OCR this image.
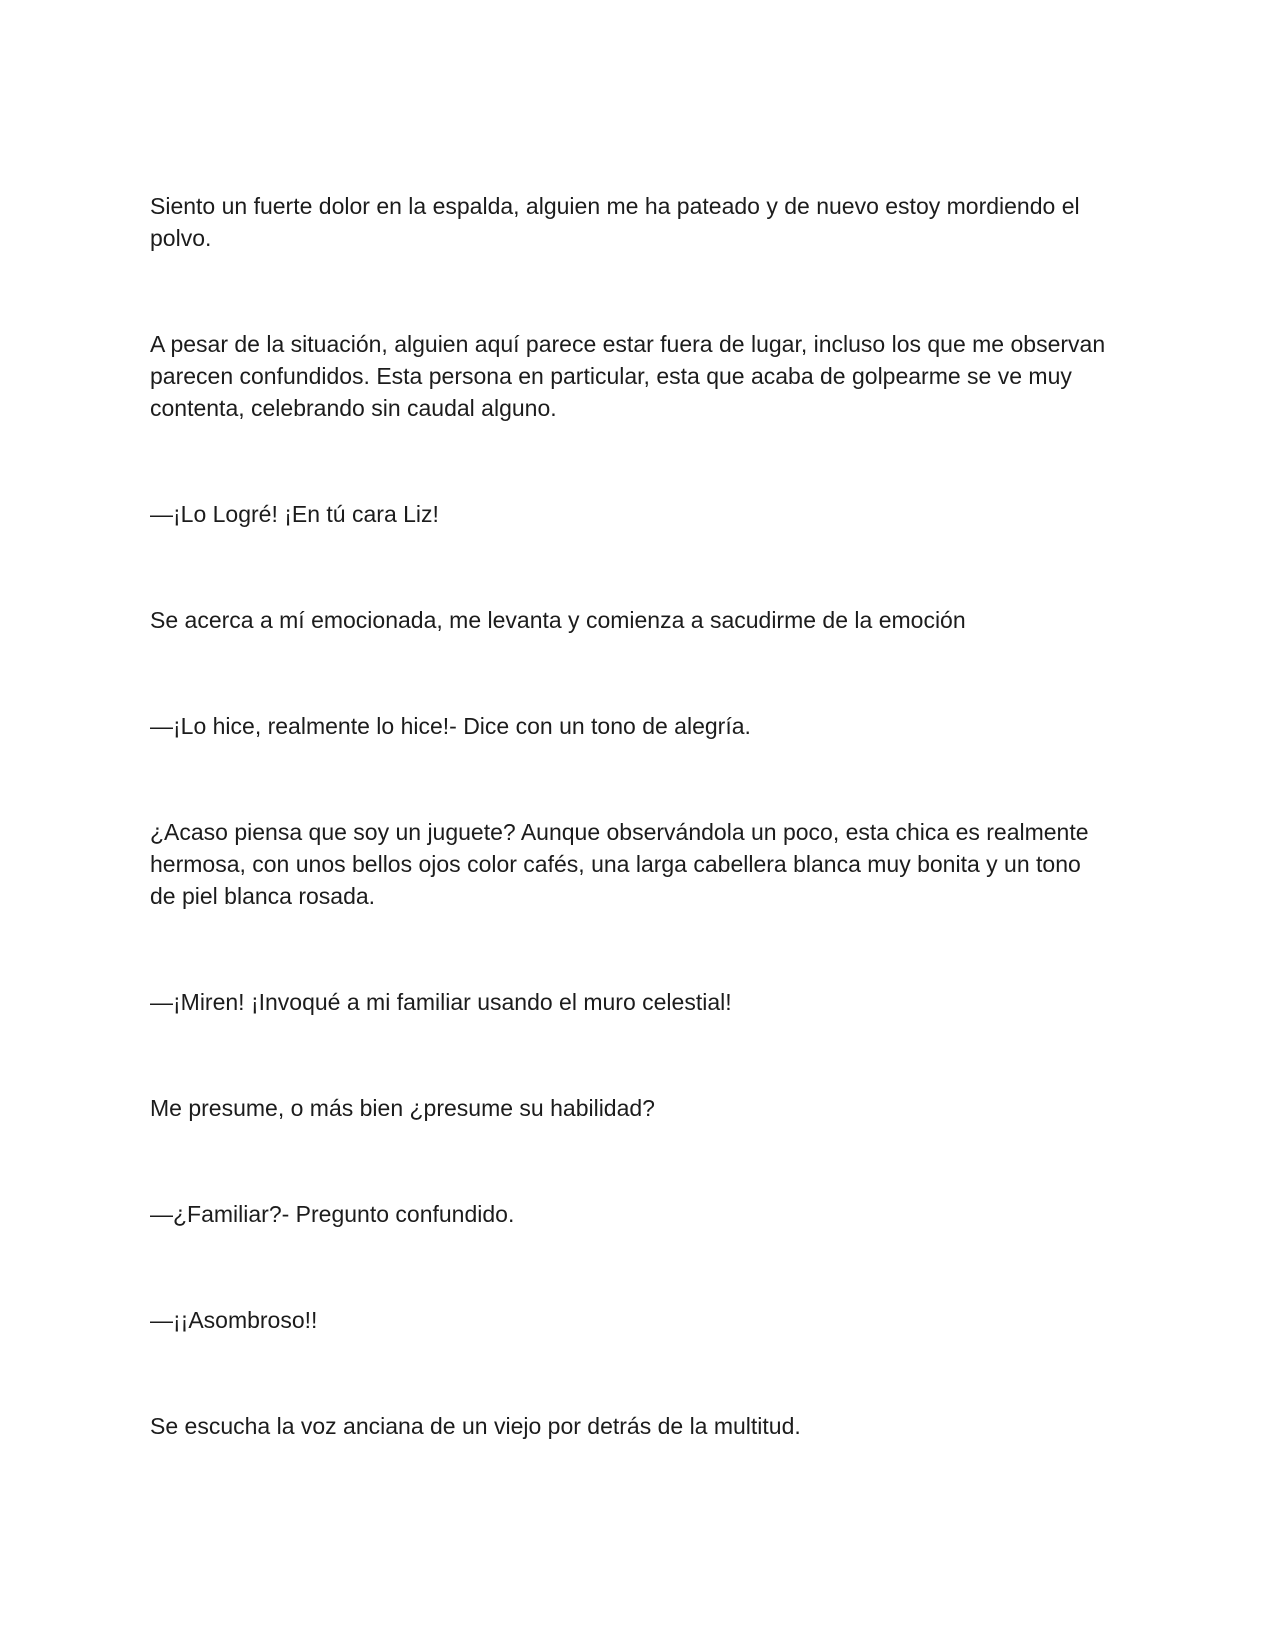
Siento un fuerte dolor en la espalda, alguien me ha pateado y de nuevo estoy mordiendo el polvo.

A pesar de la situación, alguien aquí parece estar fuera de lugar, incluso los que me observan parecen confundidos. Esta persona en particular, esta que acaba de golpearme se ve muy contenta, celebrando sin caudal alguno.

—¡Lo Logré! ¡En tú cara Liz!

Se acerca a mí emocionada, me levanta y comienza a sacudirme de la emoción

—¡Lo hice, realmente lo hice!- Dice con un tono de alegría.

¿Acaso piensa que soy un juguete? Aunque observándola un poco, esta chica es realmente hermosa, con unos bellos ojos color cafés, una larga cabellera blanca muy bonita y un tono de piel blanca rosada.

—¡Miren! ¡Invoqué a mi familiar usando el muro celestial!

Me presume, o más bien ¿presume su habilidad?

—¿Familiar?- Pregunto confundido.

—¡¡Asombroso!!

Se escucha la voz anciana de un viejo por detrás de la multitud.
